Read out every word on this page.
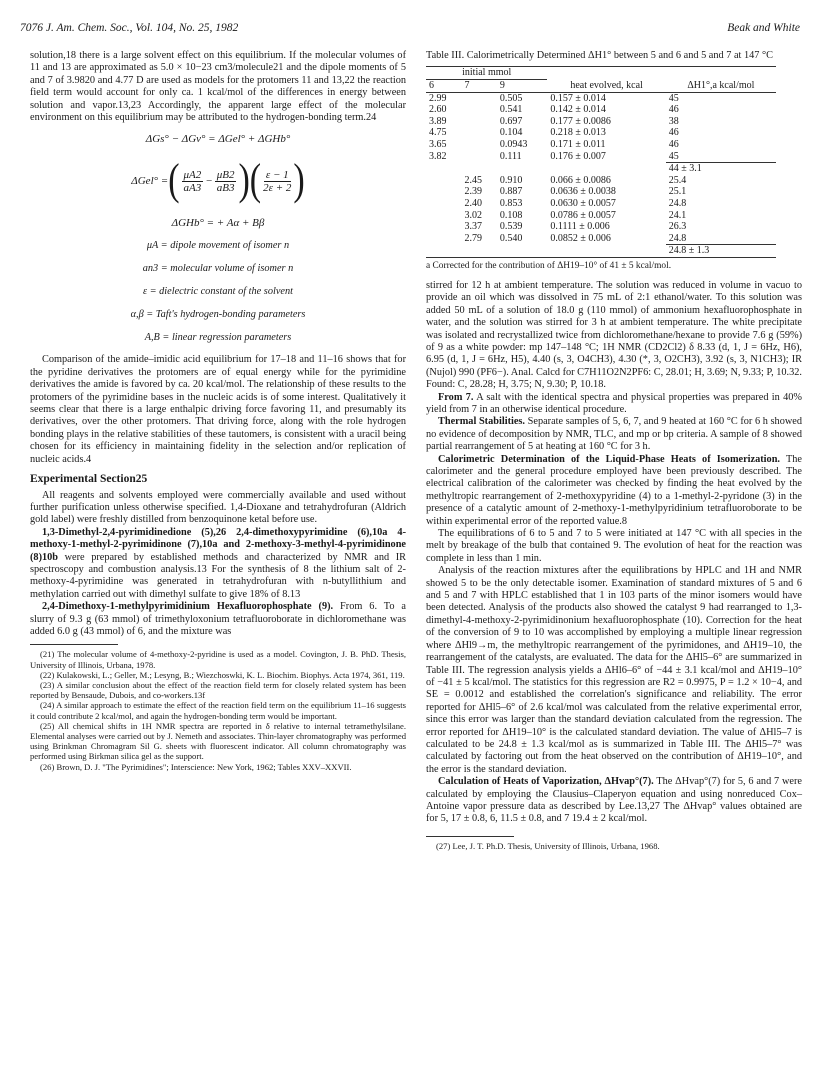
7076 J. Am. Chem. Soc., Vol. 104, No. 25, 1982	Beak and White

solution,18 there is a large solvent effect on this equilibrium. If the molecular volumes of 11 and 13 are approximated as 5.0 × 10−23 cm3/molecule21 and the dipole moments of 5 and 7 of 3.9820 and 4.77 D are used as models for the protomers 11 and 13,22 the reaction field term would account for only ca. 1 kcal/mol of the differences in energy between solution and vapor.13,23 Accordingly, the apparent large effect of the molecular environment on this equilibrium may be attributed to the hydrogen-bonding term.24

ΔGs° − ΔGv° = ΔGel° + ΔGHb°
ΔGel° = ( $\frac{\mu A2}{aA3} - \frac{\mu B2}{aB3}$ ) ( $\frac{\varepsilon - 1}{2\varepsilon + 2}$ )
ΔGHb° = + Aα + Bβ
μA = dipole movement of isomer n
an3 = molecular volume of isomer n
ε = dielectric constant of the solvent
α,β = Taft's hydrogen-bonding parameters
A,B = linear regression parameters

Comparison of the amide–imidic acid equilibrium for 17–18 and 11–16 shows that for the pyridine derivatives the protomers are of equal energy while for the pyrimidine derivatives the amide is favored by ca. 20 kcal/mol. The relationship of these results to the protomers of the pyrimidine bases in the nucleic acids is of some interest. Qualitatively it seems clear that there is a large enthalpic driving force favoring 11, and presumably its derivatives, over the other protomers. That driving force, along with the role hydrogen bonding plays in the relative stabilities of these tautomers, is consistent with a uracil being chosen for its efficiency in maintaining fidelity in the selection and/or replication of nucleic acids.4

Experimental Section25

All reagents and solvents employed were commercially available and used without further purification unless otherwise specified. 1,4-Dioxane and tetrahydrofuran (Aldrich gold label) were freshly distilled from benzoquinone ketal before use.

1,3-Dimethyl-2,4-pyrimidinedione (5),26 2,4-dimethoxypyrimidine (6),10a 4-methoxy-1-methyl-2-pyrimidinone (7),10a and 2-methoxy-3-methyl-4-pyrimidinone (8)10b were prepared by established methods and characterized by NMR and IR spectroscopy and combustion analysis.13 For the synthesis of 8 the lithium salt of 2-methoxy-4-pyrimidine was generated in tetrahydrofuran with n-butyllithium and methylation carried out with dimethyl sulfate to give 18% of 8.13

2,4-Dimethoxy-1-methylpyrimidinium Hexafluorophosphate (9). From 6. To a slurry of 9.3 g (63 mmol) of trimethyloxonium tetrafluoroborate in dichloromethane was added 6.0 g (43 mmol) of 6, and the mixture was

(21) The molecular volume of 4-methoxy-2-pyridine is used as a model. Covington, J. B. PhD. Thesis, University of Illinois, Urbana, 1978.

(22) Kulakowski, L.; Geller, M.; Lesyng, B.; Wiezchoswki, K. L. Biochim. Biophys. Acta 1974, 361, 119.

(23) A similar conclusion about the effect of the reaction field term for closely related system has been reported by Bensaude, Dubois, and co-workers.13f

(24) A similar approach to estimate the effect of the reaction field term on the equilibrium 11–16 suggests it could contribute 2 kcal/mol, and again the hydrogen-bonding term would be important.

(25) All chemical shifts in 1H NMR spectra are reported in δ relative to internal tetramethylsilane. Elemental analyses were carried out by J. Nemeth and associates. Thin-layer chromatography was performed using Brinkman Chromagram Sil G. sheets with fluorescent indicator. All column chromatography was performed using Birkman silica gel as the support.

(26) Brown, D. J. "The Pyrimidines"; Interscience: New York, 1962; Tables XXV–XXVII.

Table III. Calorimetrically Determined ΔH1° between 5 and 6 and 5 and 7 at 147 °C
initial mmol			heat evolved, kcal	ΔH1°,a kcal/mol
6	7	9		
2.99		0.505	0.157 ± 0.014	45
2.60		0.541	0.142 ± 0.014	46
3.89		0.697	0.177 ± 0.0086	38
4.75		0.104	0.218 ± 0.013	46
3.65		0.0943	0.171 ± 0.011	46
3.82		0.111	0.176 ± 0.007	45
				44 ± 3.1
	2.45	0.910	0.066 ± 0.0086	25.4
	2.39	0.887	0.0636 ± 0.0038	25.1
	2.40	0.853	0.0630 ± 0.0057	24.8
	3.02	0.108	0.0786 ± 0.0057	24.1
	3.37	0.539	0.1111 ± 0.006	26.3
	2.79	0.540	0.0852 ± 0.006	24.8
				24.8 ± 1.3
a Corrected for the contribution of ΔH19–10° of 41 ± 5 kcal/mol.

stirred for 12 h at ambient temperature. The solution was reduced in volume in vacuo to provide an oil which was dissolved in 75 mL of 2:1 ethanol/water. To this solution was added 50 mL of a solution of 18.0 g (110 mmol) of ammonium hexafluorophosphate in water, and the solution was stirred for 3 h at ambient temperature. The white precipitate was isolated and recrystallized twice from dichloromethane/hexane to provide 7.6 g (59%) of 9 as a white powder: mp 147–148 °C; 1H NMR (CD2Cl2) δ 8.33 (d, 1, J = 6Hz, H6), 6.95 (d, 1, J = 6Hz, H5), 4.40 (s, 3, O4CH3), 4.30 (*, 3, O2CH3), 3.92 (s, 3, N1CH3); IR (Nujol) 990 (PF6−). Anal. Calcd for C7H11O2N2PF6: C, 28.01; H, 3.69; N, 9.33; P, 10.32. Found: C, 28.28; H, 3.75; N, 9.30; P, 10.18.

From 7. A salt with the identical spectra and physical properties was prepared in 40% yield from 7 in an otherwise identical procedure.

Thermal Stabilities. Separate samples of 5, 6, 7, and 9 heated at 160 °C for 6 h showed no evidence of decomposition by NMR, TLC, and mp or bp criteria. A sample of 8 showed partial rearrangement of 5 at heating at 160 °C for 3 h.

Calorimetric Determination of the Liquid-Phase Heats of Isomerization. The calorimeter and the general procedure employed have been previously described. The electrical calibration of the calorimeter was checked by finding the heat evolved by the methyltropic rearrangement of 2-methoxypyridine (4) to a 1-methyl-2-pyridone (3) in the presence of a catalytic amount of 2-methoxy-1-methylpyridinium tetrafluoroborate to be within experimental error of the reported value.8

The equilibrations of 6 to 5 and 7 to 5 were initiated at 147 °C with all species in the melt by breakage of the bulb that contained 9. The evolution of heat for the reaction was complete in less than 1 min.

Analysis of the reaction mixtures after the equilibrations by HPLC and 1H and NMR showed 5 to be the only detectable isomer. Examination of standard mixtures of 5 and 6 and 5 and 7 with HPLC established that 1 in 103 parts of the minor isomers would have been detected. Analysis of the products also showed the catalyst 9 had rearranged to 1,3-dimethyl-4-methoxy-2-pyrimidinonium hexafluorophosphate (10). Correction for the heat of the conversion of 9 to 10 was accomplished by employing a multiple linear regression where ΔHl9→m, the methyltropic rearrangement of the pyrimidones, and ΔH19–10, the rearrangement of the catalysts, are evaluated. The data for the ΔHl5–6° are summarized in Table III. The regression analysis yields a ΔHl6–6° of −44 ± 3.1 kcal/mol and ΔH19–10° of −41 ± 5 kcal/mol. The statistics for this regression are R2 = 0.9975, P = 1.2 × 10−4, and SE = 0.0012 and established the correlation's significance and reliability. The error reported for ΔHl5–6° of 2.6 kcal/mol was calculated from the relative experimental error, since this error was larger than the standard deviation calculated from the regression. The error reported for ΔH19–10° is the calculated standard deviation. The value of ΔHl5–7 is calculated to be 24.8 ± 1.3 kcal/mol as is summarized in Table III. The ΔHl5–7° was calculated by factoring out from the heat observed on the contribution of ΔH19–10°, and the error is the standard deviation.

Calculation of Heats of Vaporization, ΔHvap°(7). The ΔHvap°(7) for 5, 6 and 7 were calculated by employing the Clausius–Claperyon equation and using nonreduced Cox–Antoine vapor pressure data as described by Lee.13,27 The ΔHvap° values obtained are for 5, 17 ± 0.8, 6, 11.5 ± 0.8, and 7 19.4 ± 2 kcal/mol.

(27) Lee, J. T. Ph.D. Thesis, University of Illinois, Urbana, 1968.
